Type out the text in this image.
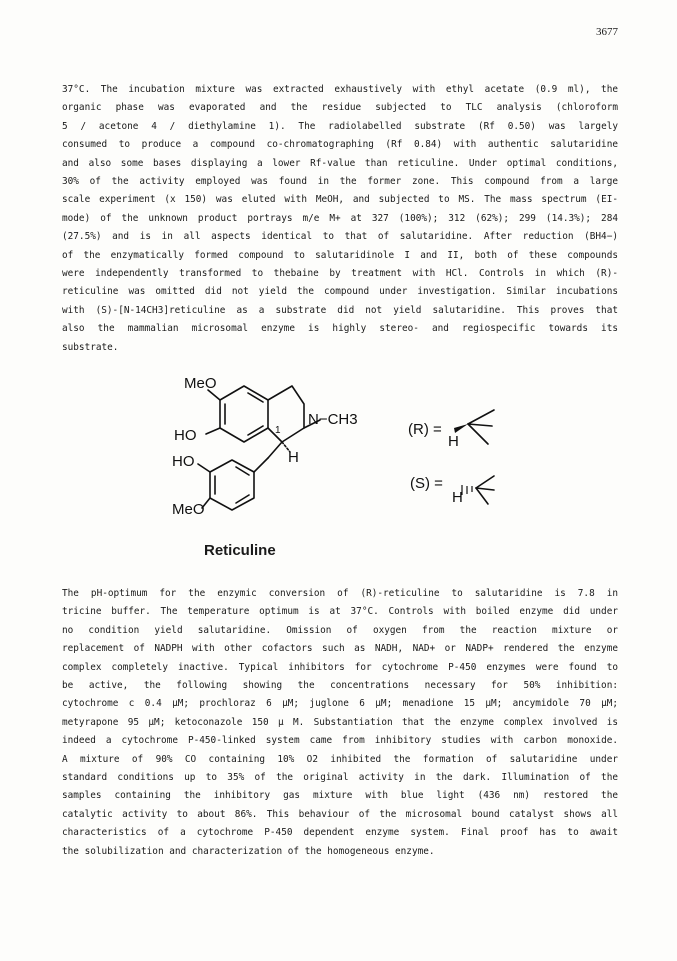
3677
37°C. The incubation mixture was extracted exhaustively with ethyl acetate (0.9 ml), the
organic phase was evaporated and the residue subjected to TLC analysis (chloroform
5 / acetone 4 / diethylamine 1). The radiolabelled substrate (Rf 0.50) was largely
consumed to produce a compound co-chromatographing (Rf 0.84) with authentic salutaridine
and also some bases displaying a lower Rf-value than reticuline. Under optimal conditions,
30% of the activity employed was found in the former zone. This compound from a large
scale experiment (x 150) was eluted with MeOH, and subjected to MS. The mass spectrum (EI-
mode) of the unknown product portrays m/e M+ at 327 (100%); 312 (62%); 299 (14.3%); 284
(27.5%) and is in all aspects identical to that of salutaridine. After reduction (BH4−)
of the enzymatically formed compound to salutaridinole I and II, both of these compounds
were independently transformed to thebaine by treatment with HCl. Controls in which (R)-
reticuline was omitted did not yield the compound under investigation. Similar incubations
with (S)-[N-14CH3]reticuline as a substrate did not yield salutaridine. This proves that
also the mammalian microsomal enzyme is highly stereo- and regiospecific towards its
substrate.
MeO
HO
HO
MeO
N−CH3
1
H
(R) =
H
(S) =
H
Reticuline
The pH-optimum for the enzymic conversion of (R)-reticuline to salutaridine is 7.8 in
tricine buffer. The temperature optimum is at 37°C. Controls with boiled enzyme did under
no condition yield salutaridine. Omission of oxygen from the reaction mixture or
replacement of NADPH with other cofactors such as NADH, NAD+ or NADP+ rendered the enzyme
complex completely inactive. Typical inhibitors for cytochrome P-450 enzymes were found to
be active, the following showing the concentrations necessary for 50% inhibition:
cytochrome c 0.4 µM; prochloraz 6 µM; juglone 6 µM; menadione 15 µM; ancymidole 70 µM;
metyrapone 95 µM; ketoconazole 150 µ M. Substantiation that the enzyme complex involved is
indeed a cytochrome P-450-linked system came from inhibitory studies with carbon monoxide.
A mixture of 90% CO containing 10% O2 inhibited the formation of salutaridine under
standard conditions up to 35% of the original activity in the dark. Illumination of the
samples containing the inhibitory gas mixture with blue light (436 nm) restored the
catalytic activity to about 86%. This behaviour of the microsomal bound catalyst shows all
characteristics of a cytochrome P-450 dependent enzyme system. Final proof has to await
the solubilization and characterization of the homogeneous enzyme.
